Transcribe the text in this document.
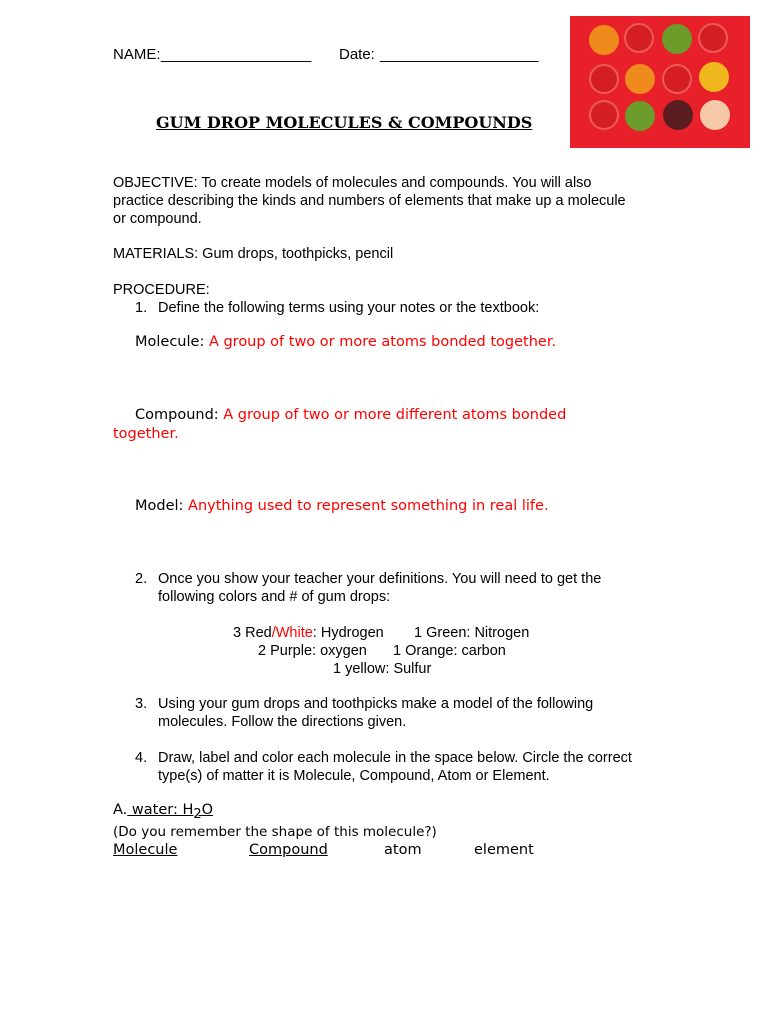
NAME: __________________ Date: ___________________
GUM DROP MOLECULES & COMPOUNDS
OBJECTIVE: To create models of molecules and compounds. You will also
practice describing the kinds and numbers of elements that make up a molecule
or compound.
MATERIALS: Gum drops, toothpicks, pencil
PROCEDURE:
1. Define the following terms using your notes or the textbook:
Molecule: A group of two or more atoms bonded together.
Compound: A group of two or more different atoms bonded
together.
Model: Anything used to represent something in real life.
2. Once you show your teacher your definitions. You will need to get the
following colors and # of gum drops:
3 Red/White: Hydrogen 1 Green: Nitrogen
2 Purple: oxygen 1 Orange: carbon
1 yellow: Sulfur
3. Using your gum drops and toothpicks make a model of the following
molecules. Follow the directions given.
4. Draw, label and color each molecule in the space below. Circle the correct
type(s) of matter it is Molecule, Compound, Atom or Element.
A. water: $H_2O$
(Do you remember the shape of this molecule?)
Molecule	Compound	atom	element
